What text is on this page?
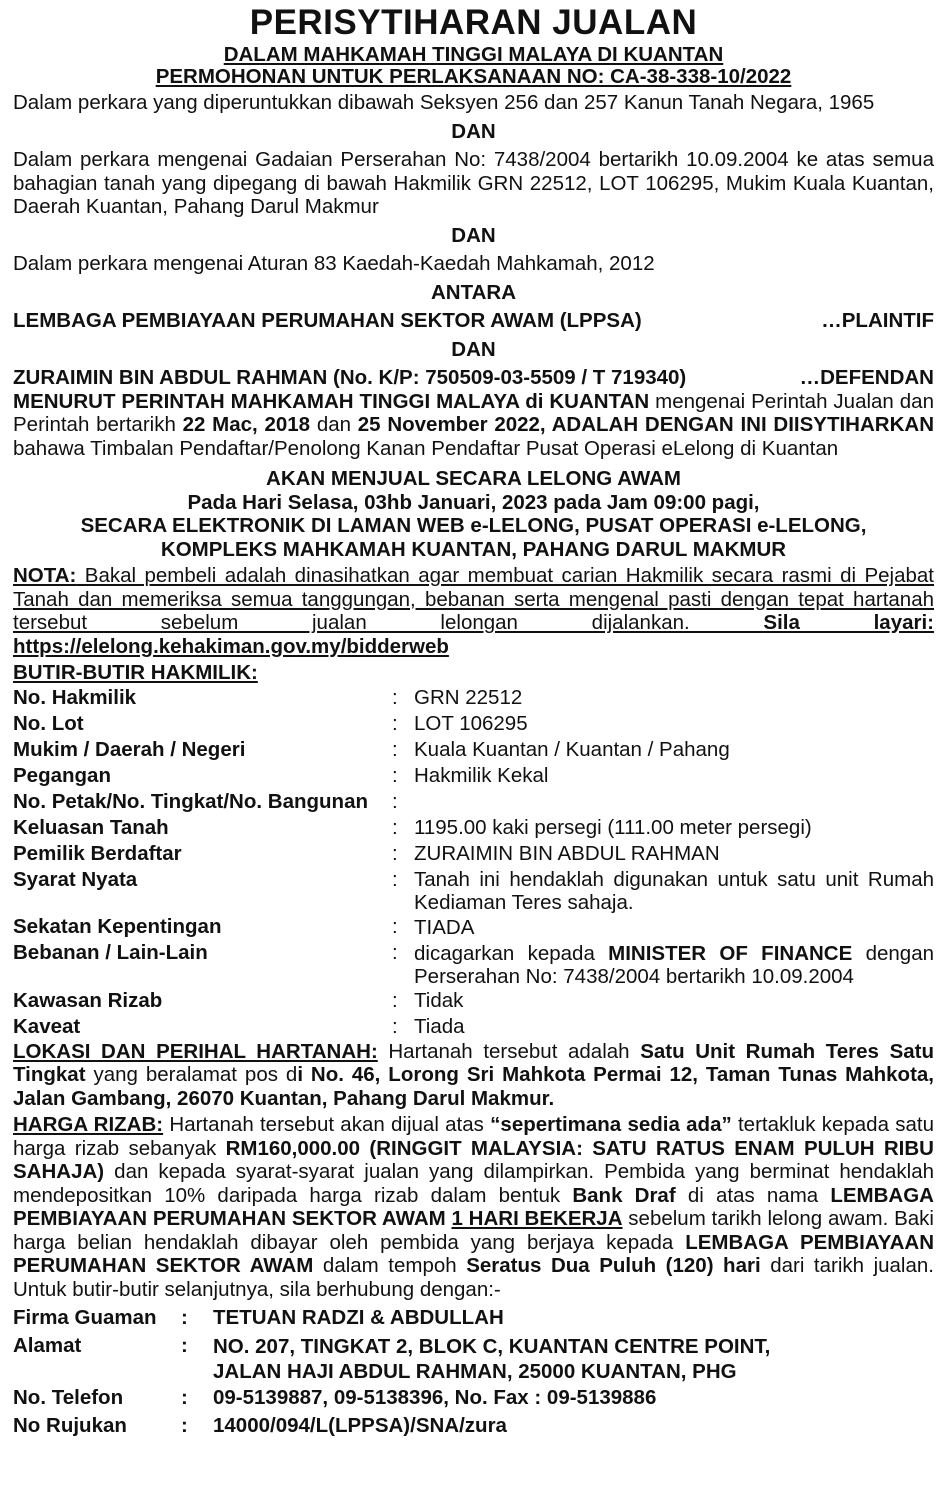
PERISYTIHARAN JUALAN
DALAM MAHKAMAH TINGGI MALAYA DI KUANTAN
PERMOHONAN UNTUK PERLAKSANAAN NO: CA-38-338-10/2022
Dalam perkara yang diperuntukkan dibawah Seksyen 256 dan 257 Kanun Tanah Negara, 1965
DAN
Dalam perkara mengenai Gadaian Perserahan No: 7438/2004 bertarikh 10.09.2004 ke atas semua bahagian tanah yang dipegang di bawah Hakmilik GRN 22512, LOT 106295, Mukim Kuala Kuantan, Daerah Kuantan, Pahang Darul Makmur
DAN
Dalam perkara mengenai Aturan 83 Kaedah-Kaedah Mahkamah, 2012
ANTARA
LEMBAGA PEMBIAYAAN PERUMAHAN SEKTOR AWAM (LPPSA)	…PLAINTIF
DAN
ZURAIMIN BIN ABDUL RAHMAN (No. K/P: 750509-03-5509 / T 719340)	…DEFENDAN
MENURUT PERINTAH MAHKAMAH TINGGI MALAYA di KUANTAN mengenai Perintah Jualan dan Perintah bertarikh 22 Mac, 2018 dan 25 November 2022, ADALAH DENGAN INI DIISYTIHARKAN bahawa Timbalan Pendaftar/Penolong Kanan Pendaftar Pusat Operasi eLelong di Kuantan
AKAN MENJUAL SECARA LELONG AWAM
Pada Hari Selasa, 03hb Januari, 2023 pada Jam 09:00 pagi,
SECARA ELEKTRONIK DI LAMAN WEB e-LELONG, PUSAT OPERASI e-LELONG,
KOMPLEKS MAHKAMAH KUANTAN, PAHANG DARUL MAKMUR
NOTA: Bakal pembeli adalah dinasihatkan agar membuat carian Hakmilik secara rasmi di Pejabat Tanah dan memeriksa semua tanggungan, bebanan serta mengenal pasti dengan tepat hartanah tersebut sebelum jualan lelongan dijalankan. Sila layari: https://elelong.kehakiman.gov.my/bidderweb
BUTIR-BUTIR HAKMILIK:
No. Hakmilik	: GRN 22512
No. Lot	: LOT 106295
Mukim / Daerah / Negeri	: Kuala Kuantan / Kuantan / Pahang
Pegangan	: Hakmilik Kekal
No. Petak/No. Tingkat/No. Bangunan	:
Keluasan Tanah	: 1195.00 kaki persegi (111.00 meter persegi)
Pemilik Berdaftar	: ZURAIMIN BIN ABDUL RAHMAN
Syarat Nyata	: Tanah ini hendaklah digunakan untuk satu unit Rumah Kediaman Teres sahaja.
Sekatan Kepentingan	: TIADA
Bebanan / Lain-Lain	: dicagarkan kepada MINISTER OF FINANCE dengan Perserahan No: 7438/2004 bertarikh 10.09.2004
Kawasan Rizab	: Tidak
Kaveat	: Tiada
LOKASI DAN PERIHAL HARTANAH: Hartanah tersebut adalah Satu Unit Rumah Teres Satu Tingkat yang beralamat pos di No. 46, Lorong Sri Mahkota Permai 12, Taman Tunas Mahkota, Jalan Gambang, 26070 Kuantan, Pahang Darul Makmur.
HARGA RIZAB: Hartanah tersebut akan dijual atas “sepertimana sedia ada” tertakluk kepada satu harga rizab sebanyak RM160,000.00 (RINGGIT MALAYSIA: SATU RATUS ENAM PULUH RIBU SAHAJA) dan kepada syarat-syarat jualan yang dilampirkan. Pembida yang berminat hendaklah mendepositkan 10% daripada harga rizab dalam bentuk Bank Draf di atas nama LEMBAGA PEMBIAYAAN PERUMAHAN SEKTOR AWAM 1 HARI BEKERJA sebelum tarikh lelong awam. Baki harga belian hendaklah dibayar oleh pembida yang berjaya kepada LEMBAGA PEMBIAYAAN PERUMAHAN SEKTOR AWAM dalam tempoh Seratus Dua Puluh (120) hari dari tarikh jualan. Untuk butir-butir selanjutnya, sila berhubung dengan:-
Firma Guaman	:	TETUAN RADZI & ABDULLAH
Alamat	:	NO. 207, TINGKAT 2, BLOK C, KUANTAN CENTRE POINT,
JALAN HAJI ABDUL RAHMAN, 25000 KUANTAN, PHG
No. Telefon	:	09-5139887, 09-5138396, No. Fax : 09-5139886
No Rujukan	:	14000/094/L(LPPSA)/SNA/zura
